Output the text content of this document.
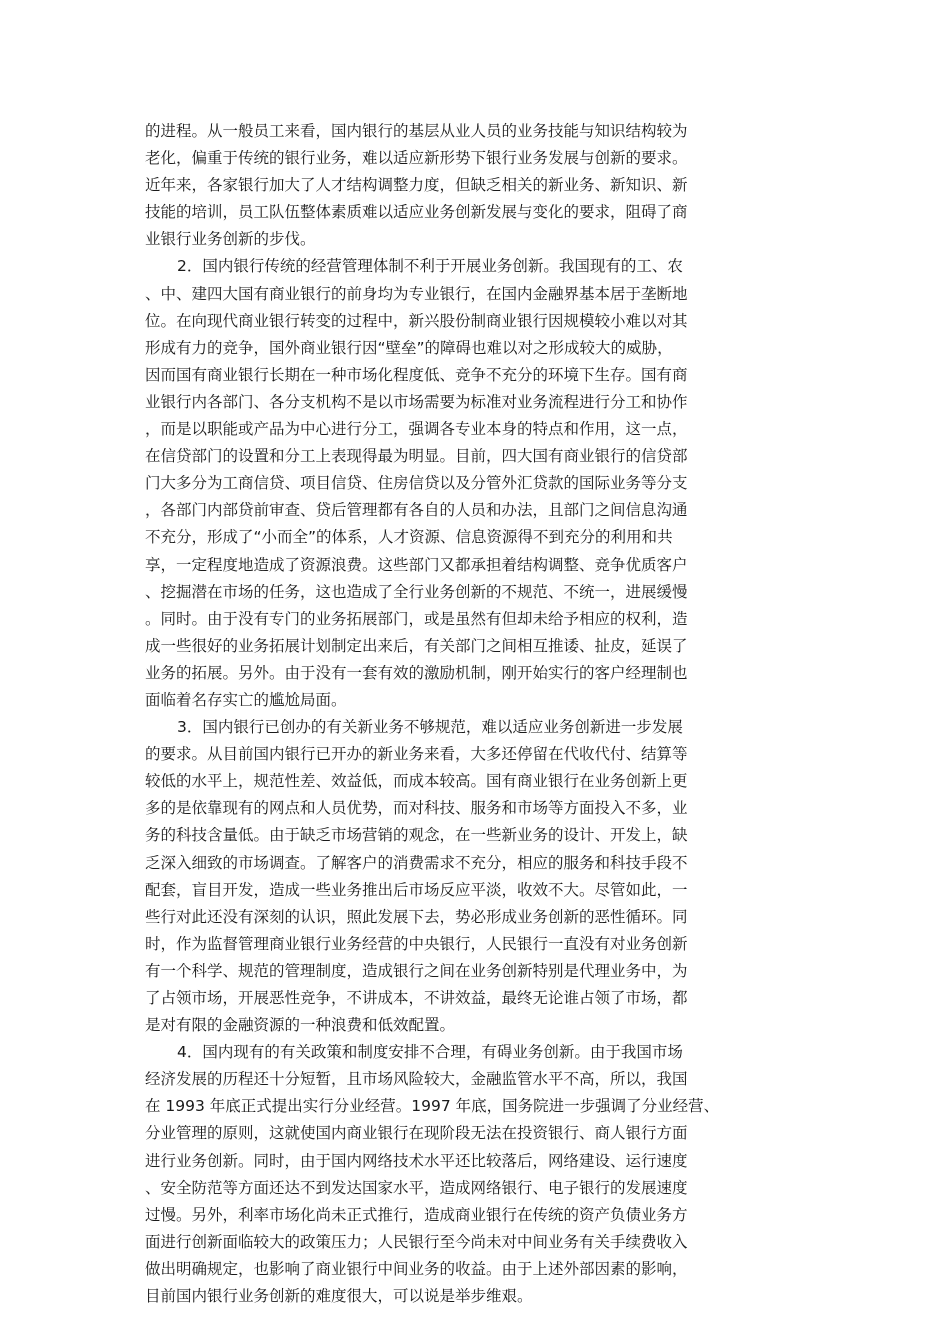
的进程。从一般员工来看，国内银行的基层从业人员的业务技能与知识结构较为
老化，偏重于传统的银行业务，难以适应新形势下银行业务发展与创新的要求。
近年来，各家银行加大了人才结构调整力度，但缺乏相关的新业务、新知识、新
技能的培训，员工队伍整体素质难以适应业务创新发展与变化的要求，阻碍了商
业银行业务创新的步伐。
2．国内银行传统的经营管理体制不利于开展业务创新。我国现有的工、农
、中、建四大国有商业银行的前身均为专业银行，在国内金融界基本居于垄断地
位。在向现代商业银行转变的过程中，新兴股份制商业银行因规模较小难以对其
形成有力的竞争，国外商业银行因“壁垒”的障碍也难以对之形成较大的威胁，
因而国有商业银行长期在一种市场化程度低、竞争不充分的环境下生存。国有商
业银行内各部门、各分支机构不是以市场需要为标准对业务流程进行分工和协作
，而是以职能或产品为中心进行分工，强调各专业本身的特点和作用，这一点，
在信贷部门的设置和分工上表现得最为明显。目前，四大国有商业银行的信贷部
门大多分为工商信贷、项目信贷、住房信贷以及分管外汇贷款的国际业务等分支
，各部门内部贷前审查、贷后管理都有各自的人员和办法，且部门之间信息沟通
不充分，形成了“小而全”的体系，人才资源、信息资源得不到充分的利用和共
享，一定程度地造成了资源浪费。这些部门又都承担着结构调整、竞争优质客户
、挖掘潜在市场的任务，这也造成了全行业务创新的不规范、不统一，进展缓慢
。同时。由于没有专门的业务拓展部门，或是虽然有但却未给予相应的权利，造
成一些很好的业务拓展计划制定出来后，有关部门之间相互推诿、扯皮，延误了
业务的拓展。另外。由于没有一套有效的激励机制，刚开始实行的客户经理制也
面临着名存实亡的尴尬局面。
3．国内银行已创办的有关新业务不够规范，难以适应业务创新进一步发展
的要求。从目前国内银行已开办的新业务来看，大多还停留在代收代付、结算等
较低的水平上，规范性差、效益低，而成本较高。国有商业银行在业务创新上更
多的是依靠现有的网点和人员优势，而对科技、服务和市场等方面投入不多，业
务的科技含量低。由于缺乏市场营销的观念，在一些新业务的设计、开发上，缺
乏深入细致的市场调查。了解客户的消费需求不充分，相应的服务和科技手段不
配套，盲目开发，造成一些业务推出后市场反应平淡，收效不大。尽管如此，一
些行对此还没有深刻的认识，照此发展下去，势必形成业务创新的恶性循环。同
时，作为监督管理商业银行业务经营的中央银行，人民银行一直没有对业务创新
有一个科学、规范的管理制度，造成银行之间在业务创新特别是代理业务中，为
了占领市场，开展恶性竞争，不讲成本，不讲效益，最终无论谁占领了市场，都
是对有限的金融资源的一种浪费和低效配置。
4．国内现有的有关政策和制度安排不合理，有碍业务创新。由于我国市场
经济发展的历程还十分短暂，且市场风险较大，金融监管水平不高，所以，我国
在 1993 年底正式提出实行分业经营。1997 年底，国务院进一步强调了分业经营、
分业管理的原则，这就使国内商业银行在现阶段无法在投资银行、商人银行方面
进行业务创新。同时，由于国内网络技术水平还比较落后，网络建设、运行速度
、安全防范等方面还达不到发达国家水平，造成网络银行、电子银行的发展速度
过慢。另外，利率市场化尚未正式推行，造成商业银行在传统的资产负债业务方
面进行创新面临较大的政策压力；人民银行至今尚未对中间业务有关手续费收入
做出明确规定，也影响了商业银行中间业务的收益。由于上述外部因素的影响，
目前国内银行业务创新的难度很大，可以说是举步维艰。
